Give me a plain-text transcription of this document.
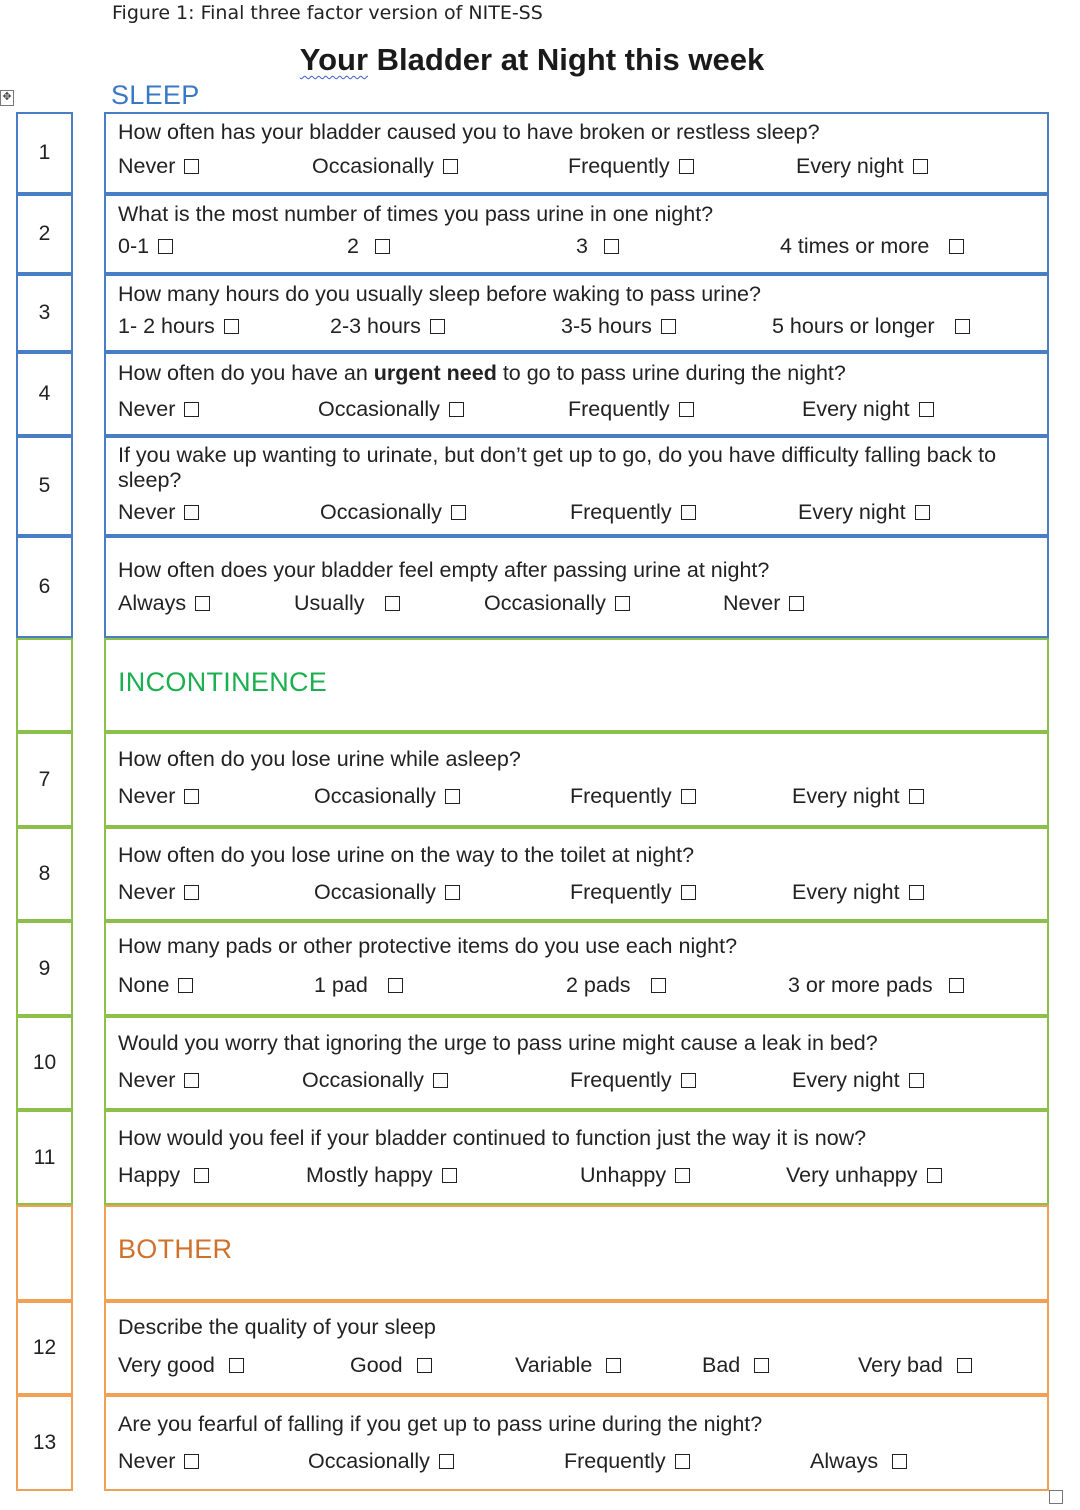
Figure 1: Final three factor version of NITE-SS
Your Bladder at Night this week
✥	SLEEP
1
How often has your bladder caused you to have broken or restless sleep?
Never	Occasionally	Frequently	Every night
2
What is the most number of times you pass urine in one night?
0-1	2	3	4 times or more
3
How many hours do you usually sleep before waking to pass urine?
1- 2 hours	2-3 hours	3-5 hours	5 hours or longer
4
How often do you have an urgent need to go to pass urine during the night?
Never	Occasionally	Frequently	Every night
5
If you wake up wanting to urinate, but don’t get up to go, do you have difficulty falling back to sleep?
Never	Occasionally	Frequently	Every night
6
How often does your bladder feel empty after passing urine at night?
Always	Usually	Occasionally	Never
INCONTINENCE
7
How often do you lose urine while asleep?
Never	Occasionally	Frequently	Every night
8
How often do you lose urine on the way to the toilet at night?
Never	Occasionally	Frequently	Every night
9
How many pads or other protective items do you use each night?
None	1 pad	2 pads	3 or more pads
10
Would you worry that ignoring the urge to pass urine might cause a leak in bed?
Never	Occasionally	Frequently	Every night
11
How would you feel if your bladder continued to function just the way it is now?
Happy	Mostly happy	Unhappy	Very unhappy
BOTHER
12
Describe the quality of your sleep
Very good	Good	Variable	Bad	Very bad
13
Are you fearful of falling if you get up to pass urine during the night?
Never	Occasionally	Frequently	Always
